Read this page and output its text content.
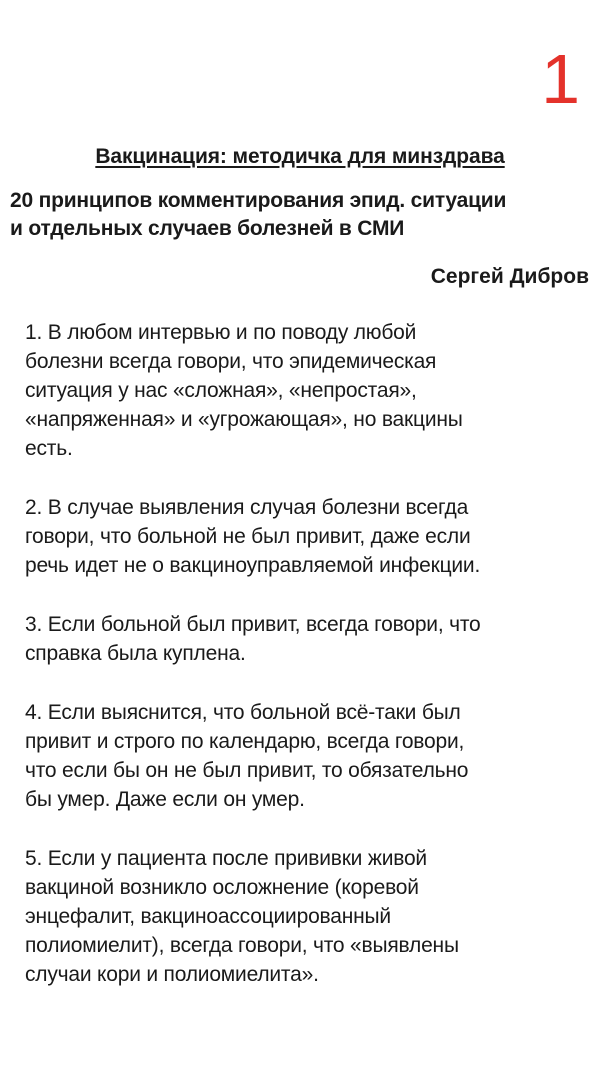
1
Вакцинация: методичка для минздрава
20 принципов комментирования эпид. ситуации
и отдельных случаев болезней в СМИ
Сергей Дибров
1. В любом интервью и по поводу любой
болезни всегда говори, что эпидемическая
ситуация у нас «сложная», «непростая»,
«напряженная» и «угрожающая», но вакцины
есть.
2. В случае выявления случая болезни всегда
говори, что больной не был привит, даже если
речь идет не о вакциноуправляемой инфекции.
3. Если больной был привит, всегда говори, что
справка была куплена.
4. Если выяснится, что больной всё-таки был
привит и строго по календарю, всегда говори,
что если бы он не был привит, то обязательно
бы умер. Даже если он умер.
5. Если у пациента после прививки живой
вакциной возникло осложнение (коревой
энцефалит, вакциноассоциированный
полиомиелит), всегда говори, что «выявлены
случаи кори и полиомиелита».
